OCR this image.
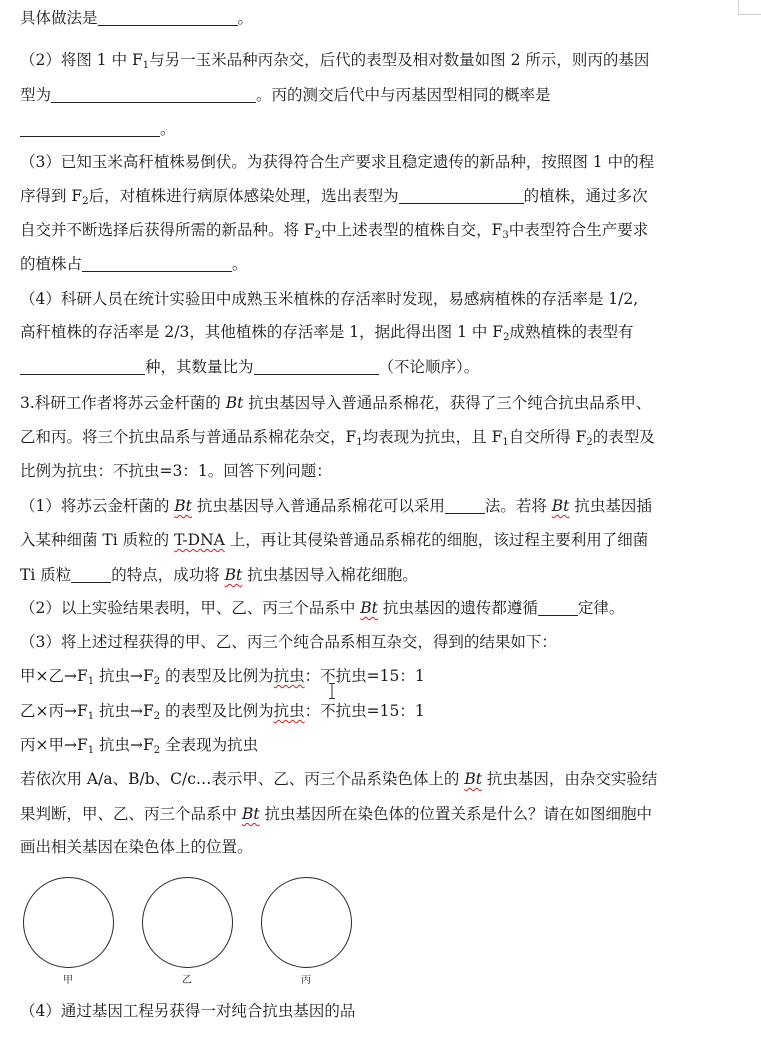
具体做法是	。
（2）将图 1 中 $F_1$与另一玉米品种丙杂交，后代的表型及相对数量如图 2 所示，则丙的基因
型为	。丙的测交后代中与丙基因型相同的概率是
。
（3）已知玉米高秆植株易倒伏。为获得符合生产要求且稳定遗传的新品种，按照图 1 中的程
序得到 $F_2$后，对植株进行病原体感染处理，选出表型为	的植株，通过多次
自交并不断选择后获得所需的新品种。将 $F_2$中上述表型的植株自交，$F_3$中表型符合生产要求
的植株占	。
（4）科研人员在统计实验田中成熟玉米植株的存活率时发现，易感病植株的存活率是 1/2,
高秆植株的存活率是 2/3，其他植株的存活率是 1，据此得出图 1 中 $F_2$成熟植株的表型有
种，其数量比为	（不论顺序）。
3.科研工作者将苏云金杆菌的 Bt 抗虫基因导入普通品系棉花，获得了三个纯合抗虫品系甲、
乙和丙。将三个抗虫品系与普通品系棉花杂交，$F_1$均表现为抗虫，且 $F_1$自交所得 $F_2$的表型及
比例为抗虫：不抗虫=3：1。回答下列问题：
（1）将苏云金杆菌的 Bt 抗虫基因导入普通品系棉花可以采用	法。若将 Bt 抗虫基因插
入某种细菌 Ti 质粒的 T-DNA 上，再让其侵染普通品系棉花的细胞，该过程主要利用了细菌
Ti 质粒	的特点，成功将 Bt 抗虫基因导入棉花细胞。
（2）以上实验结果表明，甲、乙、丙三个品系中 Bt 抗虫基因的遗传都遵循	定律。
（3）将上述过程获得的甲、乙、丙三个纯合品系相互杂交，得到的结果如下：
甲×乙$\to F_1$ 抗虫$\to F_2$ 的表型及比例为抗虫：不抗虫=15：1
乙×丙$\to F_1$ 抗虫$\to F_2$ 的表型及比例为抗虫：不抗虫=15：1
丙×甲$\to F_1$ 抗虫$\to F_2$ 全表现为抗虫
若依次用 A/a、B/b、C/c…表示甲、乙、丙三个品系染色体上的 Bt 抗虫基因，由杂交实验结
果判断，甲、乙、丙三个品系中 Bt 抗虫基因所在染色体的位置关系是什么？请在如图细胞中
画出相关基因在染色体上的位置。
甲	乙	丙
（4）通过基因工程另获得一对纯合抗虫基因的品
